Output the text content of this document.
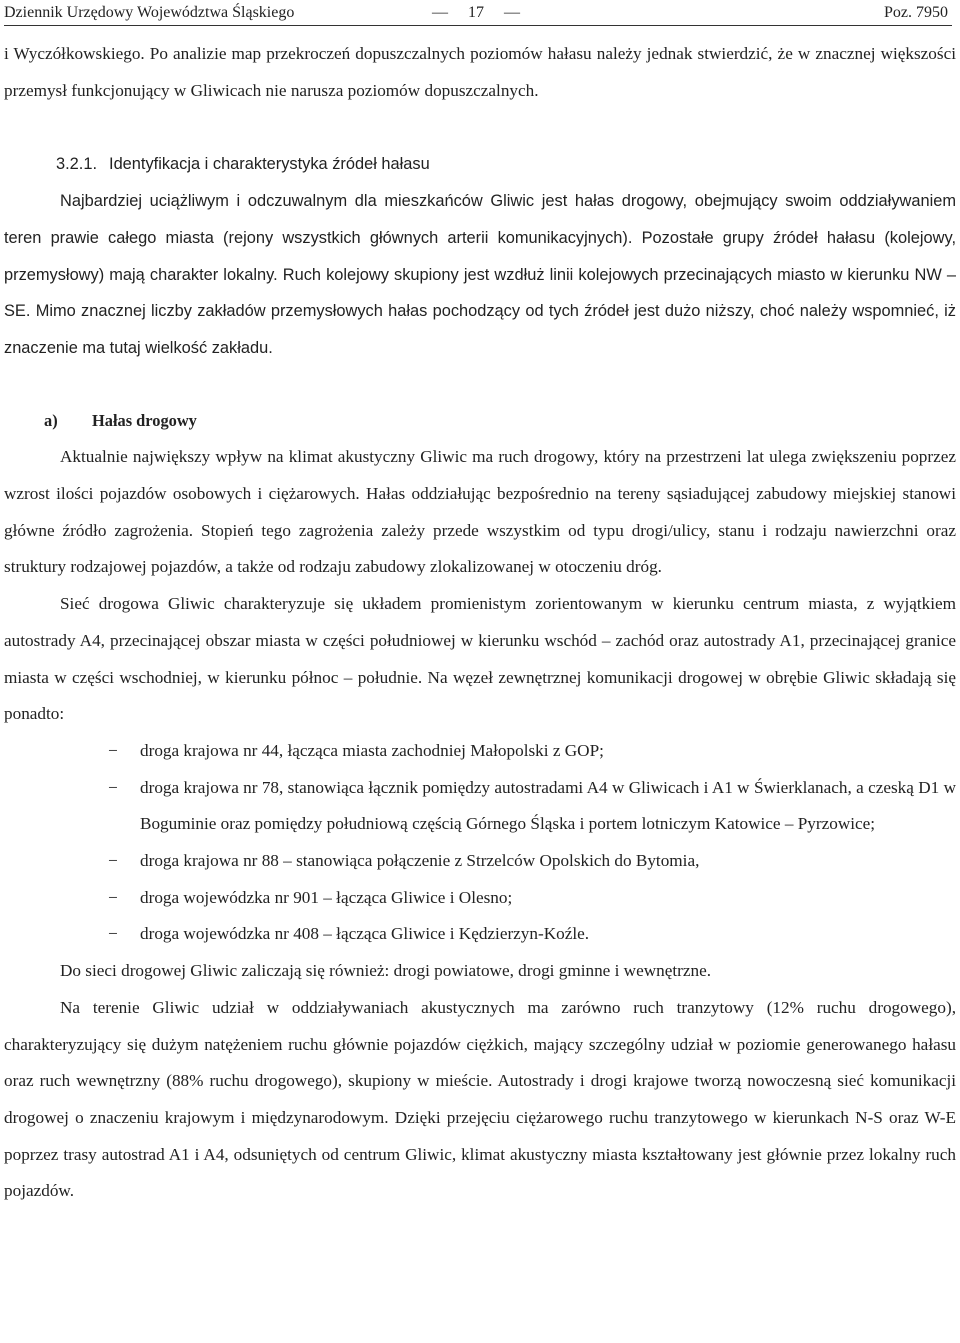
Dziennik Urzędowy Województwa Śląskiego	— 17 —	Poz. 7950

i Wyczółkowskiego. Po analizie map przekroczeń dopuszczalnych poziomów hałasu należy jednak stwierdzić, że w znacznej większości przemysł funkcjonujący w Gliwicach nie narusza poziomów dopuszczalnych.

3.2.1. Identyfikacja i charakterystyka źródeł hałasu

Najbardziej uciążliwym i odczuwalnym dla mieszkańców Gliwic jest hałas drogowy, obejmujący swoim oddziaływaniem teren prawie całego miasta (rejony wszystkich głównych arterii komunikacyjnych). Pozostałe grupy źródeł hałasu (kolejowy, przemysłowy) mają charakter lokalny. Ruch kolejowy skupiony jest wzdłuż linii kolejowych przecinających miasto w kierunku NW – SE. Mimo znacznej liczby zakładów przemysłowych hałas pochodzący od tych źródeł jest dużo niższy, choć należy wspomnieć, iż znaczenie ma tutaj wielkość zakładu.

a) Hałas drogowy

Aktualnie największy wpływ na klimat akustyczny Gliwic ma ruch drogowy, który na przestrzeni lat ulega zwiększeniu poprzez wzrost ilości pojazdów osobowych i ciężarowych. Hałas oddziałując bezpośrednio na tereny sąsiadującej zabudowy miejskiej stanowi główne źródło zagrożenia. Stopień tego zagrożenia zależy przede wszystkim od typu drogi/ulicy, stanu i rodzaju nawierzchni oraz struktury rodzajowej pojazdów, a także od rodzaju zabudowy zlokalizowanej w otoczeniu dróg.

Sieć drogowa Gliwic charakteryzuje się układem promienistym zorientowanym w kierunku centrum miasta, z wyjątkiem autostrady A4, przecinającej obszar miasta w części południowej w kierunku wschód – zachód oraz autostrady A1, przecinającej granice miasta w części wschodniej, w kierunku północ – południe. Na węzeł zewnętrznej komunikacji drogowej w obrębie Gliwic składają się ponadto:

− droga krajowa nr 44, łącząca miasta zachodniej Małopolski z GOP;
− droga krajowa nr 78, stanowiąca łącznik pomiędzy autostradami A4 w Gliwicach i A1 w Świerklanach, a czeską D1 w Boguminie oraz pomiędzy południową częścią Górnego Śląska i portem lotniczym Katowice – Pyrzowice;
− droga krajowa nr 88 – stanowiąca połączenie z Strzelców Opolskich do Bytomia,
− droga wojewódzka nr 901 – łącząca Gliwice i Olesno;
− droga wojewódzka nr 408 – łącząca Gliwice i Kędzierzyn-Koźle.

Do sieci drogowej Gliwic zaliczają się również: drogi powiatowe, drogi gminne i wewnętrzne.

Na terenie Gliwic udział w oddziaływaniach akustycznych ma zarówno ruch tranzytowy (12% ruchu drogowego), charakteryzujący się dużym natężeniem ruchu głównie pojazdów ciężkich, mający szczególny udział w poziomie generowanego hałasu oraz ruch wewnętrzny (88% ruchu drogowego), skupiony w mieście. Autostrady i drogi krajowe tworzą nowoczesną sieć komunikacji drogowej o znaczeniu krajowym i międzynarodowym. Dzięki przejęciu ciężarowego ruchu tranzytowego w kierunkach N-S oraz W-E poprzez trasy autostrad A1 i A4, odsuniętych od centrum Gliwic, klimat akustyczny miasta kształtowany jest głównie przez lokalny ruch pojazdów.
